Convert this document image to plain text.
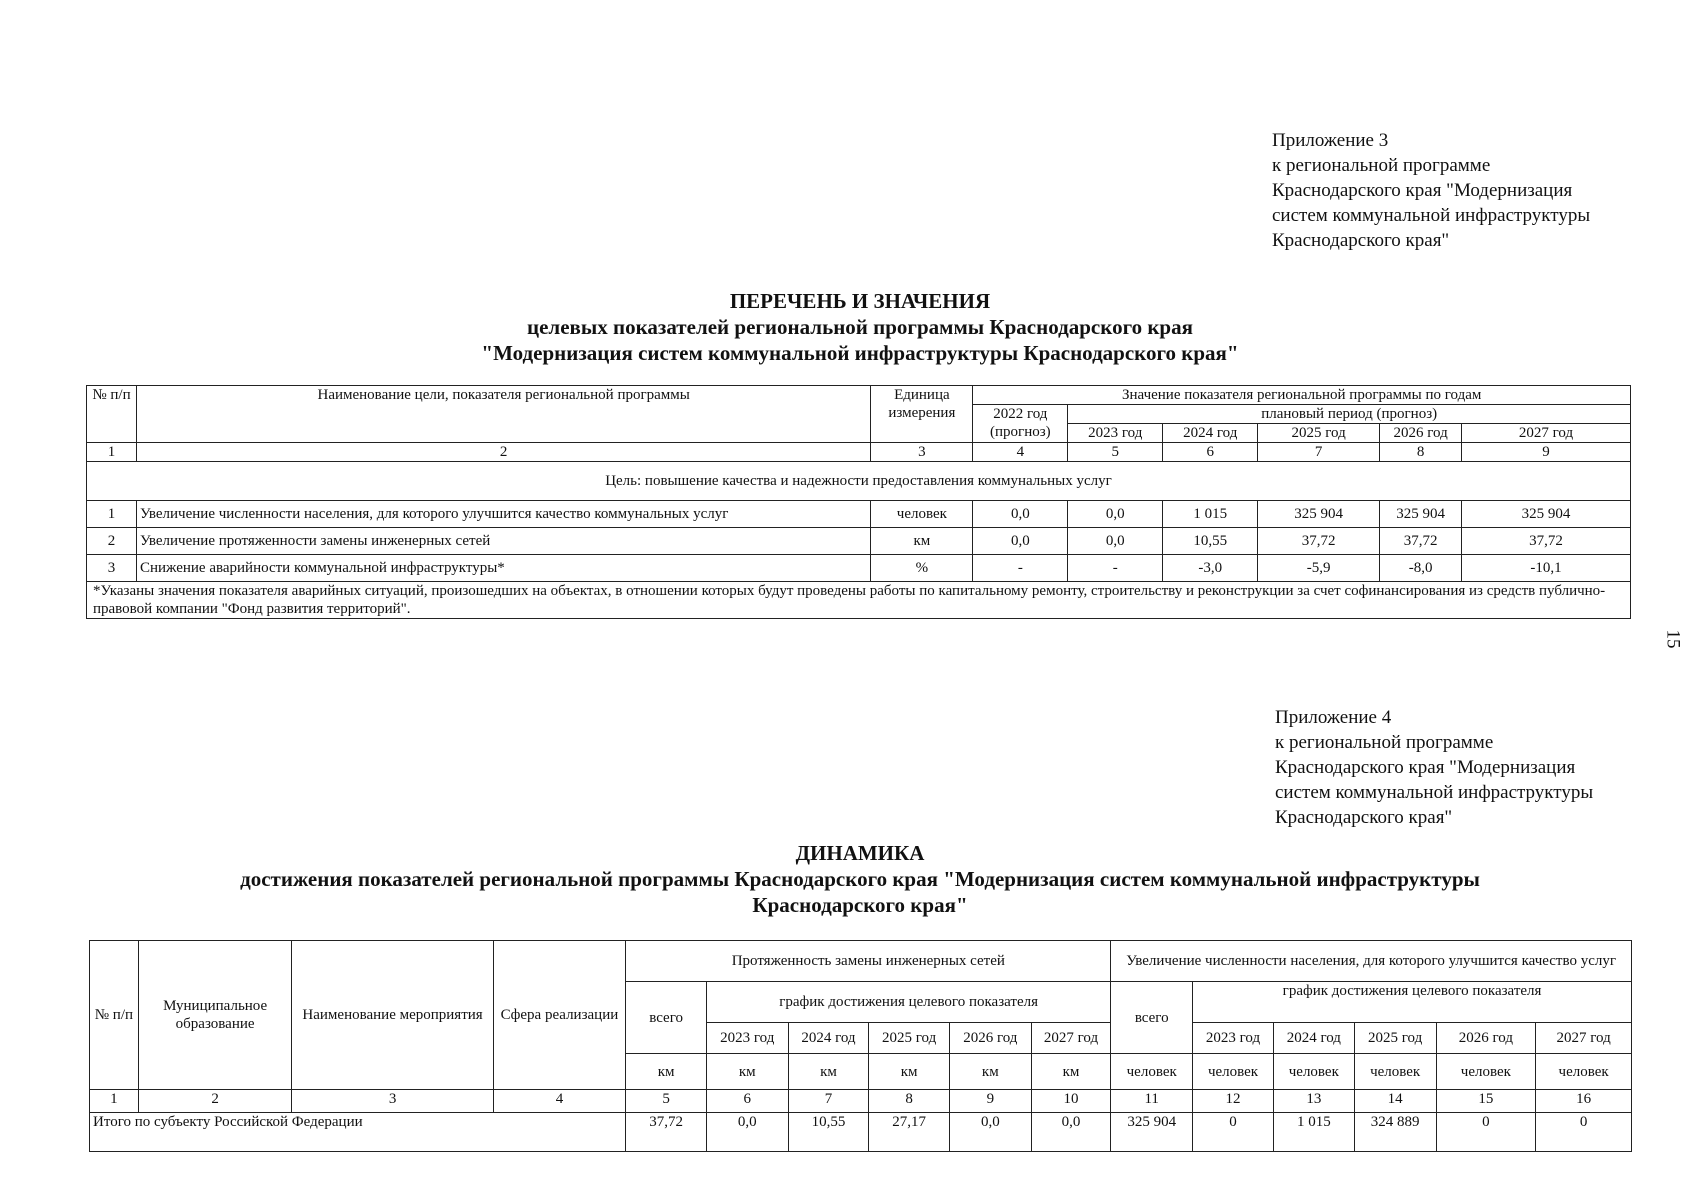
Приложение 3
к региональной программе
Краснодарского края "Модернизация
систем коммунальной инфраструктуры
Краснодарского края"
ПЕРЕЧЕНЬ И ЗНАЧЕНИЯ
целевых показателей региональной программы Краснодарского края
"Модернизация систем коммунальной инфраструктуры Краснодарского края"
№ п/п	Наименование цели, показателя региональной программы	Единица измерения	Значение показателя региональной программы по годам					
			2022 год (прогноз)	плановый период (прогноз)				
				2023 год	2024 год	2025 год	2026 год	2027 год
1	2	3	4	5	6	7	8	9
Цель: повышение качества и надежности предоставления коммунальных услуг								
1	Увеличение численности населения, для которого улучшится качество коммунальных услуг	человек	0,0	0,0	1 015	325 904	325 904	325 904
2	Увеличение протяженности замены инженерных сетей	км	0,0	0,0	10,55	37,72	37,72	37,72
3	Снижение аварийности коммунальной инфраструктуры*	%	-	-	-3,0	-5,9	-8,0	-10,1
*Указаны значения показателя аварийных ситуаций, произошедших на объектах, в отношении которых будут проведены работы по капитальному ремонту, строительству и реконструкции за счет софинансирования из средств публично-правовой компании "Фонд развития территорий".								
15
Приложение 4
к региональной программе
Краснодарского края "Модернизация
систем коммунальной инфраструктуры
Краснодарского края"
ДИНАМИКА
достижения показателей региональной программы Краснодарского края "Модернизация систем коммунальной инфраструктуры
Краснодарского края"
№ п/п	Муниципальное образование	Наименование мероприятия	Сфера реализации	Протяженность замены инженерных сетей						Увеличение численности населения, для которого улучшится качество услуг					
				всего	график достижения целевого показателя					всего	график достижения целевого показателя				
					2023 год	2024 год	2025 год	2026 год	2027 год		2023 год	2024 год	2025 год	2026 год	2027 год
				км	км	км	км	км	км	человек	человек	человек	человек	человек	человек
1	2	3	4	5	6	7	8	9	10	11	12	13	14	15	16
Итого по субъекту Российской Федерации				37,72	0,0	10,55	27,17	0,0	0,0	325 904	0	1 015	324 889	0	0
